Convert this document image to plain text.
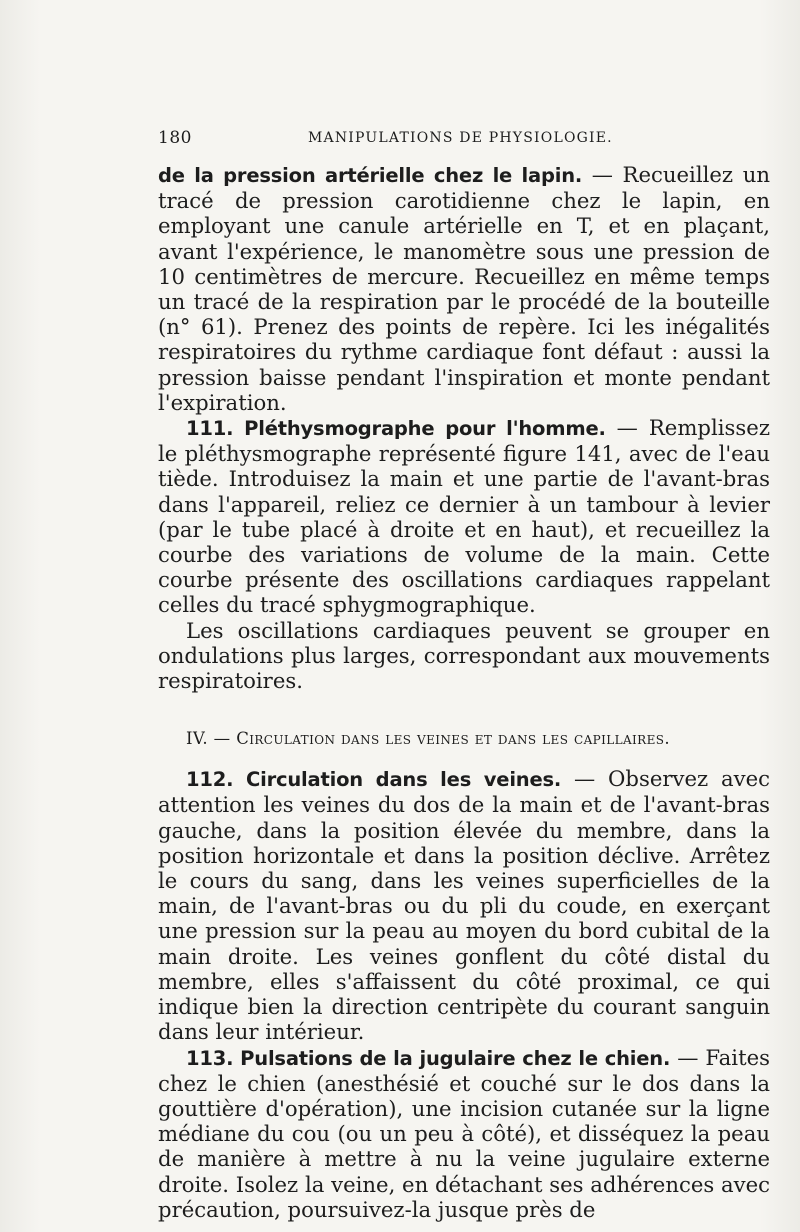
180	MANIPULATIONS DE PHYSIOLOGIE.

de la pression artérielle chez le lapin. — Recueillez un tracé de pression carotidienne chez le lapin, en employant une canule artérielle en T, et en plaçant, avant l'expérience, le manomètre sous une pression de 10 centimètres de mercure. Recueillez en même temps un tracé de la respiration par le procédé de la bouteille (n° 61). Prenez des points de repère. Ici les inégalités respiratoires du rythme cardiaque font défaut : aussi la pression baisse pendant l'inspiration et monte pendant l'expiration.

111. Pléthysmographe pour l'homme. — Remplissez le pléthysmographe représenté figure 141, avec de l'eau tiède. Introduisez la main et une partie de l'avant-bras dans l'appareil, reliez ce dernier à un tambour à levier (par le tube placé à droite et en haut), et recueillez la courbe des variations de volume de la main. Cette courbe présente des oscillations cardiaques rappelant celles du tracé sphygmographique.

Les oscillations cardiaques peuvent se grouper en ondulations plus larges, correspondant aux mouvements respiratoires.

IV. — Circulation dans les veines et dans les capillaires.

112. Circulation dans les veines. — Observez avec attention les veines du dos de la main et de l'avant-bras gauche, dans la position élevée du membre, dans la position horizontale et dans la position déclive. Arrêtez le cours du sang, dans les veines superficielles de la main, de l'avant-bras ou du pli du coude, en exerçant une pression sur la peau au moyen du bord cubital de la main droite. Les veines gonflent du côté distal du membre, elles s'affaissent du côté proximal, ce qui indique bien la direction centripète du courant sanguin dans leur intérieur.

113. Pulsations de la jugulaire chez le chien. — Faites chez le chien (anesthésié et couché sur le dos dans la gouttière d'opération), une incision cutanée sur la ligne médiane du cou (ou un peu à côté), et disséquez la peau de manière à mettre à nu la veine jugulaire externe droite. Isolez la veine, en détachant ses adhérences avec précaution, poursuivez-la jusque près de
